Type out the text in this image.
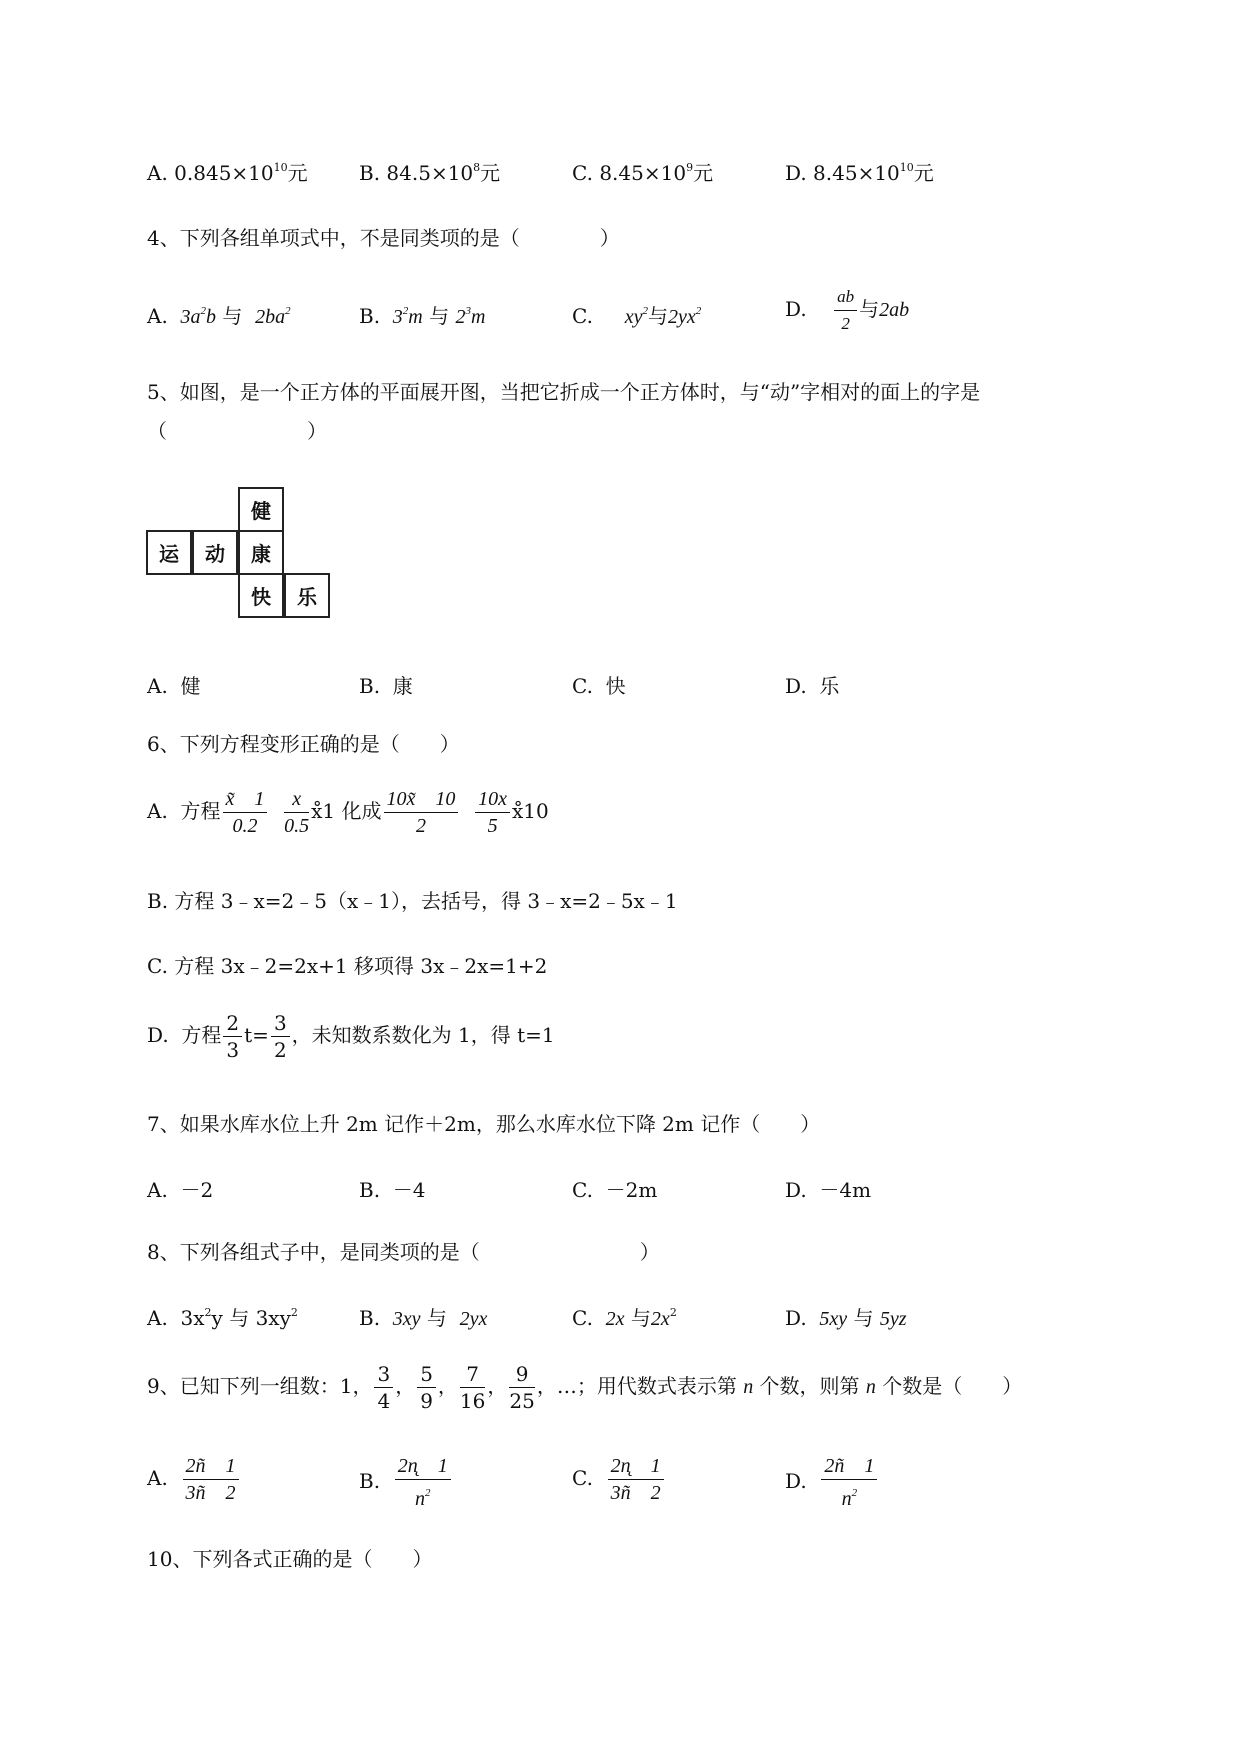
A. $0.845\times 10^{10}$元	B. $84.5\times 10^8$元	C. $8.45\times 10^9$元	D. $8.45\times 10^{10}$元
4、下列各组单项式中，不是同类项的是（　　　　）
A. $3a^2b$ 与 $2ba^2$	B. $3^2m$ 与 $2^3m$	C. $xy^2$与$2yx^2$	D. $\frac{ab}{2}$ 与2ab
5、如图，是一个正方体的平面展开图，当把它折成一个正方体时，与“动”字相对的面上的字是
（　　　　　　　）
健
运	动	康
快	乐
A. 健	B. 康	C. 快	D. 乐
6、下列方程变形正确的是（　　）
A. 方程 $\frac{x̃ 1}{0.2}$
$\frac{x}{0.5}$ ⅹ̊1 化成 $\frac{10x̃ 10}{2}$
$\frac{10x}{5}$ ⅹ̊10
B. 方程 3﹣x=2﹣5（x﹣1），去括号，得 3﹣x=2﹣5x﹣1
C. 方程 3x﹣2=2x+1 移项得 3x﹣2x=1+2
D. 方程 $\frac{2}{3} t= \frac{3}{2}$ ，未知数系数化为 1，得 t=1
7、如果水库水位上升 2m 记作＋2m，那么水库水位下降 2m 记作（　　）
A. －2	B. －4	C. －2m	D. －4m
8、下列各组式子中，是同类项的是（　　　　　　　　）
A. $3x^2y$ 与 $3xy^2$	B. 3xy 与 2yx	C. 2x 与$2x^2$	D. 5xy 与 5yz
9、已知下列一组数：1， $\frac{3}{4}$ ， $\frac{5}{9}$ ， $\frac{7}{16}$ ， $\frac{9}{25}$ ，…；用代数式表示第 n 个数，则第 n 个数是（　　）
A. $\frac{2ñ 1}{3ñ 2}$	B. $\frac{2n̨ 1}{n^2}$	C. $\frac{2n̨ 1}{3ñ 2}$	D. $\frac{2ñ 1}{n^2}$
10、下列各式正确的是（　　）
